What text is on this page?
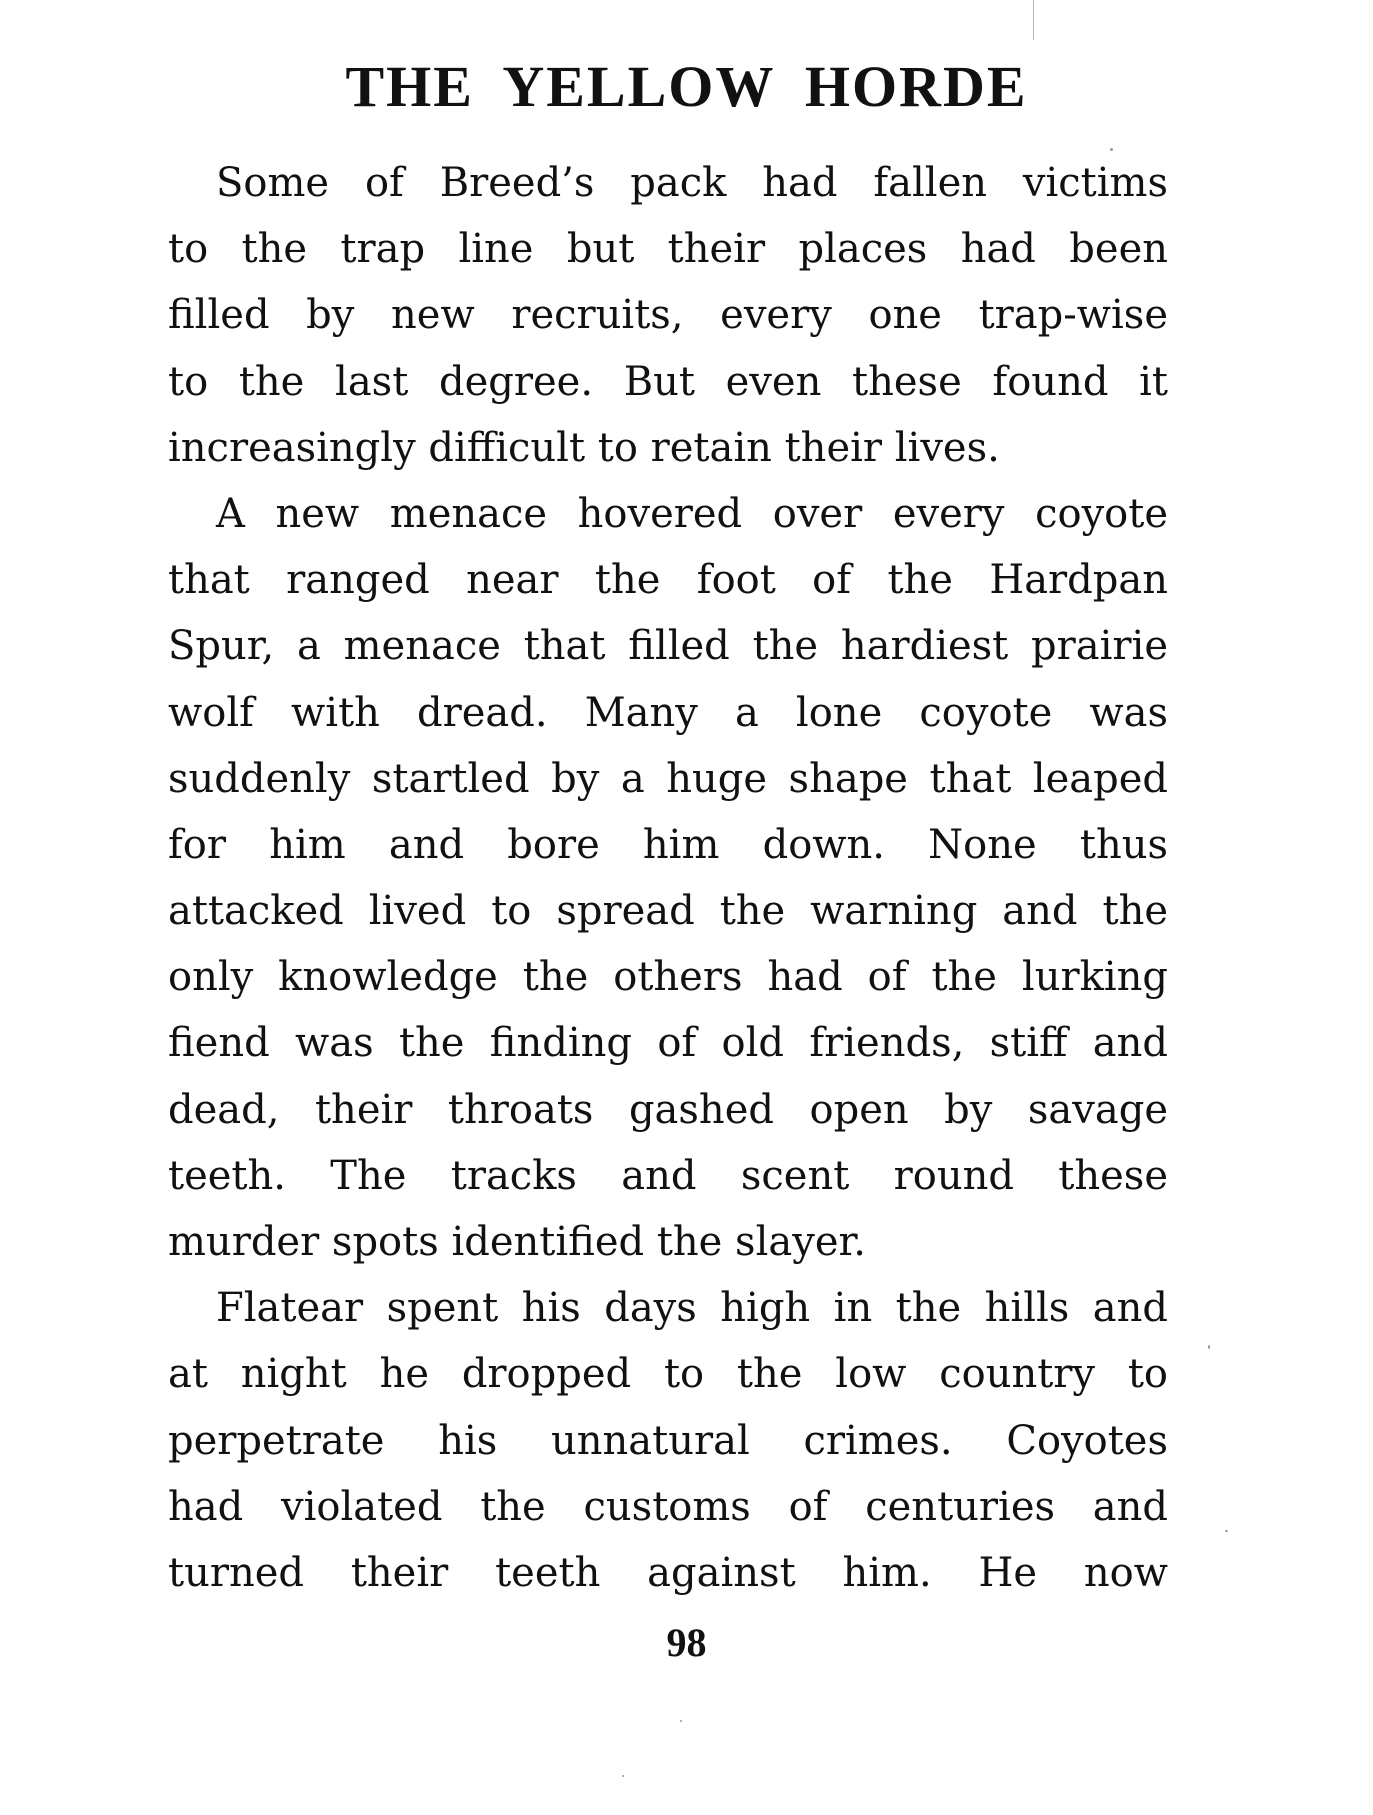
THE YELLOW HORDE
Some of Breed’s pack had fallen victims
to the trap line but their places had been
filled by new recruits, every one trap-wise
to the last degree. But even these found it
increasingly difficult to retain their lives.
A new menace hovered over every coyote
that ranged near the foot of the Hardpan
Spur, a menace that filled the hardiest prairie
wolf with dread. Many a lone coyote was
suddenly startled by a huge shape that leaped
for him and bore him down. None thus
attacked lived to spread the warning and the
only knowledge the others had of the lurking
fiend was the finding of old friends, stiff and
dead, their throats gashed open by savage
teeth. The tracks and scent round these
murder spots identified the slayer.
Flatear spent his days high in the hills and
at night he dropped to the low country to
perpetrate his unnatural crimes. Coyotes
had violated the customs of centuries and
turned their teeth against him. He now
98
